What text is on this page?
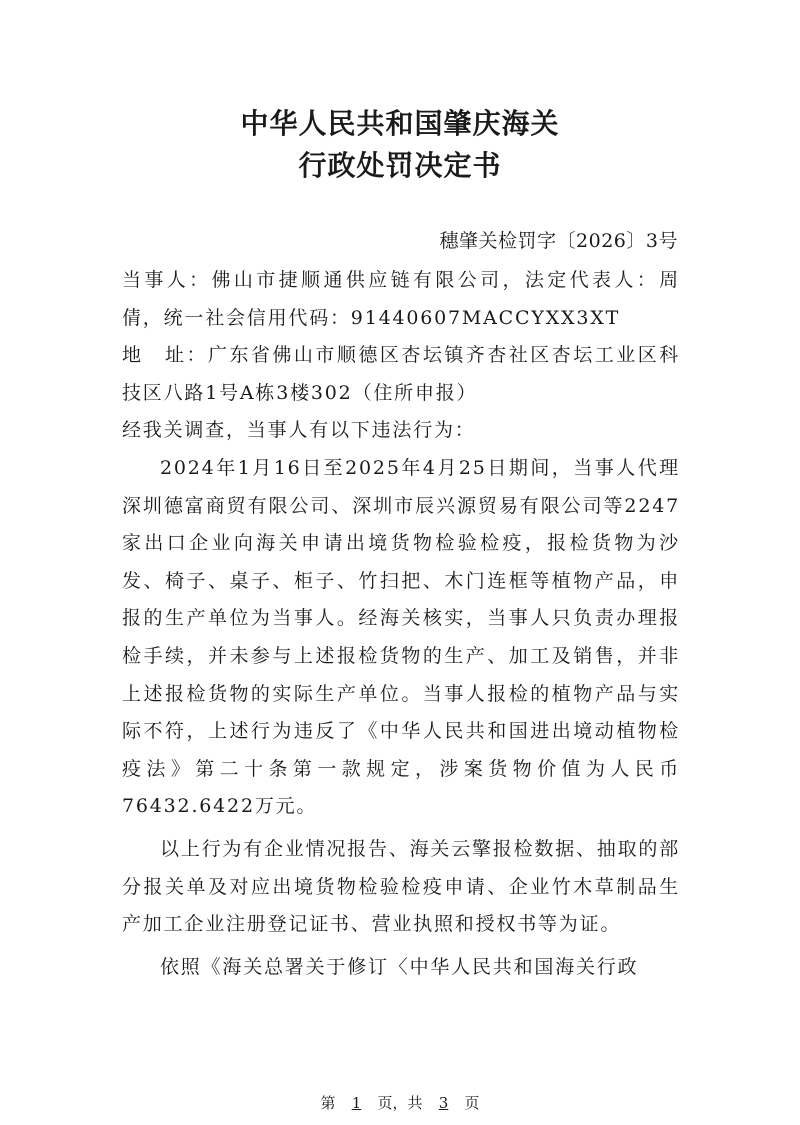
中华人民共和国肇庆海关
行政处罚决定书
穗肇关检罚字〔2026〕3号

当事人：佛山市捷顺通供应链有限公司，法定代表人：周倩，统一社会信用代码：91440607MACCYXX3XT

地　址：广东省佛山市顺德区杏坛镇齐杏社区杏坛工业区科技区八路1号A栋3楼302（住所申报）

经我关调查，当事人有以下违法行为：

2024年1月16日至2025年4月25日期间，当事人代理深圳德富商贸有限公司、深圳市辰兴源贸易有限公司等2247家出口企业向海关申请出境货物检验检疫，报检货物为沙发、椅子、桌子、柜子、竹扫把、木门连框等植物产品，申报的生产单位为当事人。经海关核实，当事人只负责办理报检手续，并未参与上述报检货物的生产、加工及销售，并非上述报检货物的实际生产单位。当事人报检的植物产品与实际不符，上述行为违反了《中华人民共和国进出境动植物检疫法》第二十条第一款规定，涉案货物价值为人民币76432.6422万元。

以上行为有企业情况报告、海关云擎报检数据、抽取的部分报关单及对应出境货物检验检疫申请、企业竹木草制品生产加工企业注册登记证书、营业执照和授权书等为证。

依照《海关总署关于修订〈中华人民共和国海关行政

第 1 页，共 3 页
